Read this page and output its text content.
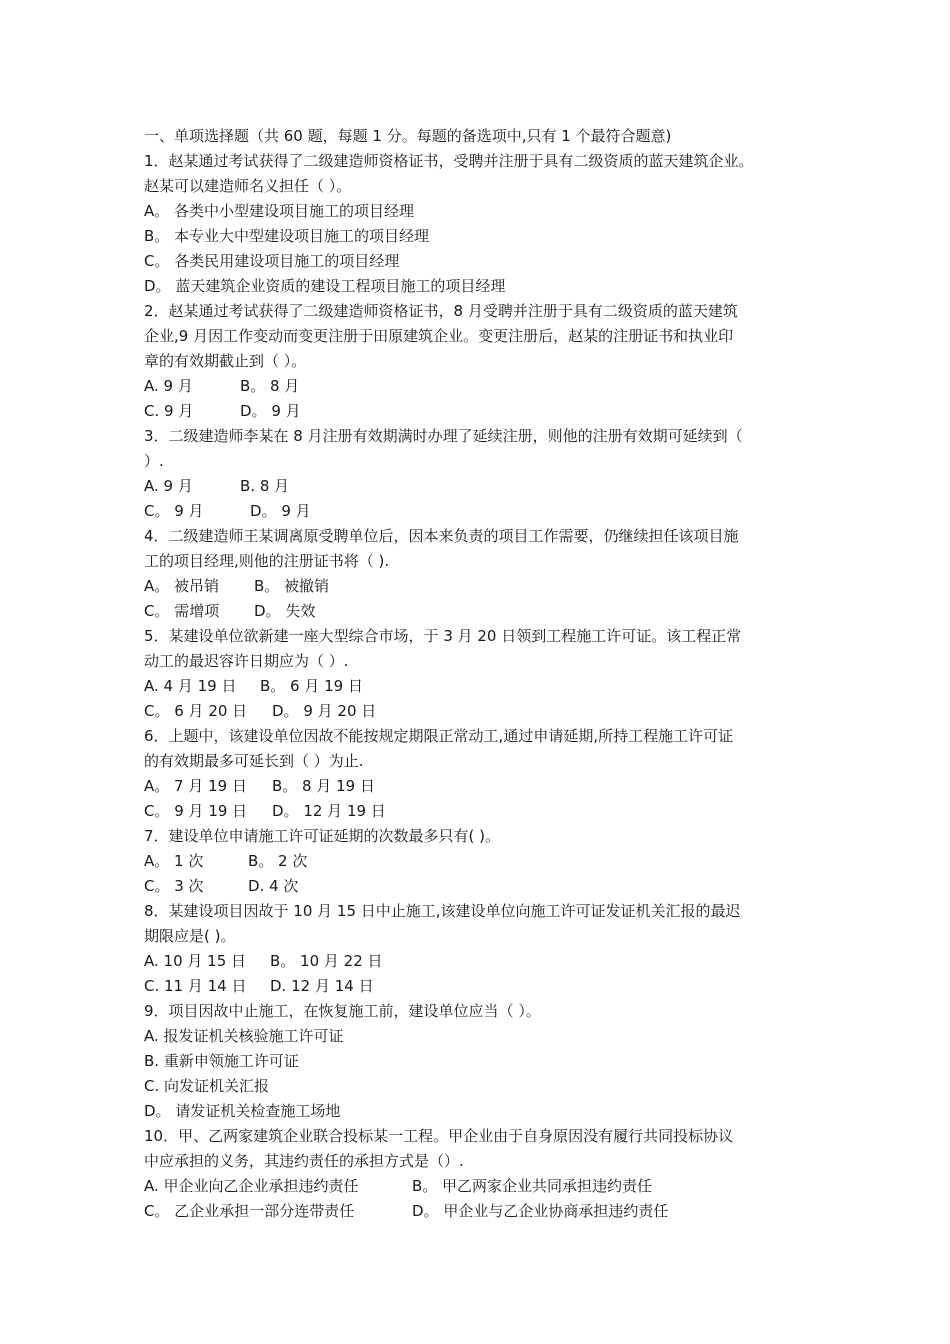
一、单项选择题（共 60 题，每题 1 分。每题的备选项中,只有 1 个最符合题意)
1．赵某通过考试获得了二级建造师资格证书，受聘并注册于具有二级资质的蓝天建筑企业。
赵某可以建造师名义担任（ ）。
A。 各类中小型建设项目施工的项目经理
B。 本专业大中型建设项目施工的项目经理
C。 各类民用建设项目施工的项目经理
D。 蓝天建筑企业资质的建设工程项目施工的项目经理
2．赵某通过考试获得了二级建造师资格证书，8 月受聘并注册于具有二级资质的蓝天建筑
企业,9 月因工作变动而变更注册于田原建筑企业。变更注册后，赵某的注册证书和执业印
章的有效期截止到（ ）。
A. 9 月	B。 8 月
C. 9 月	D。 9 月
3．二级建造师李某在 8 月注册有效期满时办理了延续注册，则他的注册有效期可延续到（
）.
A. 9 月	B. 8 月
C。 9 月	D。 9 月
4．二级建造师王某调离原受聘单位后，因本来负责的项目工作需要，仍继续担任该项目施
工的项目经理,则他的注册证书将（ ).
A。 被吊销 B。 被撤销
C。 需增项 D。 失效
5．某建设单位欲新建一座大型综合市场，于 3 月 20 日领到工程施工许可证。该工程正常
动工的最迟容许日期应为（ ）.
A. 4 月 19 日 B。 6 月 19 日
C。 6 月 20 日 D。 9 月 20 日
6．上题中，该建设单位因故不能按规定期限正常动工,通过申请延期,所持工程施工许可证
的有效期最多可延长到（ ）为止.
A。 7 月 19 日 B。 8 月 19 日
C。 9 月 19 日 D。 12 月 19 日
7．建设单位申请施工许可证延期的次数最多只有( )。
A。 1 次	B。 2 次
C。 3 次	D. 4 次
8．某建设项目因故于 10 月 15 日中止施工,该建设单位向施工许可证发证机关汇报的最迟
期限应是( )。
A. 10 月 15 日 B。 10 月 22 日
C. 11 月 14 日 D. 12 月 14 日
9．项目因故中止施工，在恢复施工前，建设单位应当（ ）。
A. 报发证机关核验施工许可证
B. 重新申领施工许可证
C. 向发证机关汇报
D。 请发证机关检查施工场地
10．甲、乙两家建筑企业联合投标某一工程。甲企业由于自身原因没有履行共同投标协议
中应承担的义务，其违约责任的承担方式是（）.
A. 甲企业向乙企业承担违约责任	B。 甲乙两家企业共同承担违约责任
C。 乙企业承担一部分连带责任	D。 甲企业与乙企业协商承担违约责任
